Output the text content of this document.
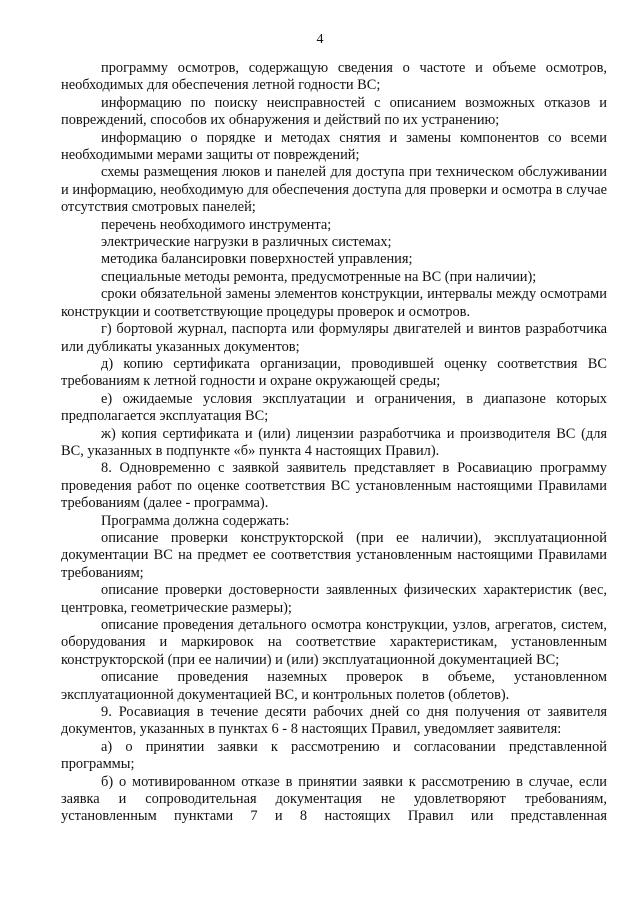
4

программу осмотров, содержащую сведения о частоте и объеме осмотров, необходимых для обеспечения летной годности ВС;

информацию по поиску неисправностей с описанием возможных отказов и повреждений, способов их обнаружения и действий по их устранению;

информацию о порядке и методах снятия и замены компонентов со всеми необходимыми мерами защиты от повреждений;

схемы размещения люков и панелей для доступа при техническом обслуживании и информацию, необходимую для обеспечения доступа для проверки и осмотра в случае отсутствия смотровых панелей;

перечень необходимого инструмента;

электрические нагрузки в различных системах;

методика балансировки поверхностей управления;

специальные методы ремонта, предусмотренные на ВС (при наличии);

сроки обязательной замены элементов конструкции, интервалы между осмотрами конструкции и соответствующие процедуры проверок и осмотров.

г) бортовой журнал, паспорта или формуляры двигателей и винтов разработчика или дубликаты указанных документов;

д) копию сертификата организации, проводившей оценку соответствия ВС требованиям к летной годности и охране окружающей среды;

е) ожидаемые условия эксплуатации и ограничения, в диапазоне которых предполагается эксплуатация ВС;

ж) копия сертификата и (или) лицензии разработчика и производителя ВС (для ВС, указанных в подпункте «б» пункта 4 настоящих Правил).

8. Одновременно с заявкой заявитель представляет в Росавиацию программу проведения работ по оценке соответствия ВС установленным настоящими Правилами требованиям (далее - программа).

Программа должна содержать:

описание проверки конструкторской (при ее наличии), эксплуатационной документации ВС на предмет ее соответствия установленным настоящими Правилами требованиям;

описание проверки достоверности заявленных физических характеристик (вес, центровка, геометрические размеры);

описание проведения детального осмотра конструкции, узлов, агрегатов, систем, оборудования и маркировок на соответствие характеристикам, установленным конструкторской (при ее наличии) и (или) эксплуатационной документацией ВС;

описание проведения наземных проверок в объеме, установленном эксплуатационной документацией ВС, и контрольных полетов (облетов).

9. Росавиация в течение десяти рабочих дней со дня получения от заявителя документов, указанных в пунктах 6 - 8 настоящих Правил, уведомляет заявителя:

а) о принятии заявки к рассмотрению и согласовании представленной программы;

б) о мотивированном отказе в принятии заявки к рассмотрению в случае, если заявка и сопроводительная документация не удовлетворяют требованиям, установленным пунктами 7 и 8 настоящих Правил или представленная
